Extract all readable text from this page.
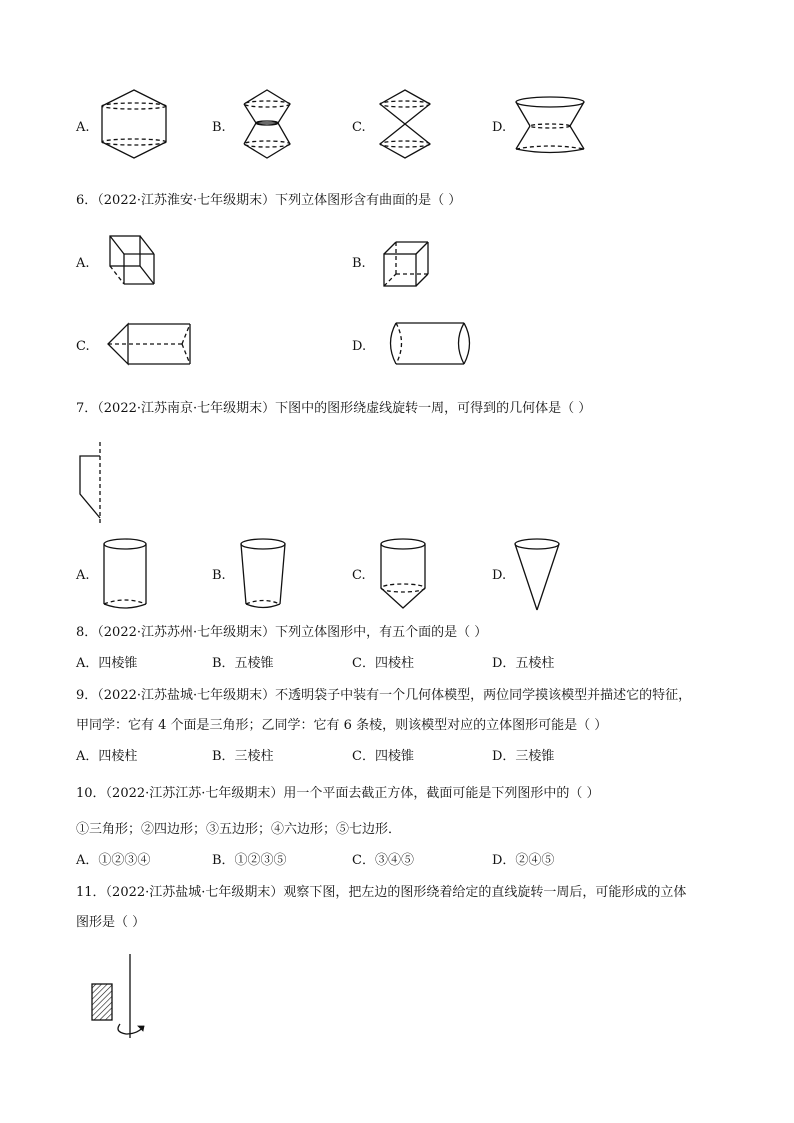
A.	B.	C.	D.
6．（2022·江苏淮安·七年级期末）下列立体图形含有曲面的是（ ）
A.	B.
C.	D.
7．（2022·江苏南京·七年级期末）下图中的图形绕虚线旋转一周，可得到的几何体是（ ）
A.	B.	C.	D.
8．（2022·江苏苏州·七年级期末）下列立体图形中，有五个面的是（ ）
A．四棱锥	B．五棱锥	C．四棱柱	D．五棱柱
9．（2022·江苏盐城·七年级期末）不透明袋子中装有一个几何体模型，两位同学摸该模型并描述它的特征，
甲同学：它有 4 个面是三角形；乙同学：它有 6 条棱，则该模型对应的立体图形可能是（ ）
A．四棱柱	B．三棱柱	C．四棱锥	D．三棱锥
10．（2022·江苏江苏·七年级期末）用一个平面去截正方体，截面可能是下列图形中的（ ）
①三角形；②四边形；③五边形；④六边形；⑤七边形．
A．①②③④	B．①②③⑤	C．③④⑤	D．②④⑤
11．（2022·江苏盐城·七年级期末）观察下图，把左边的图形绕着给定的直线旋转一周后，可能形成的立体
图形是（ ）
